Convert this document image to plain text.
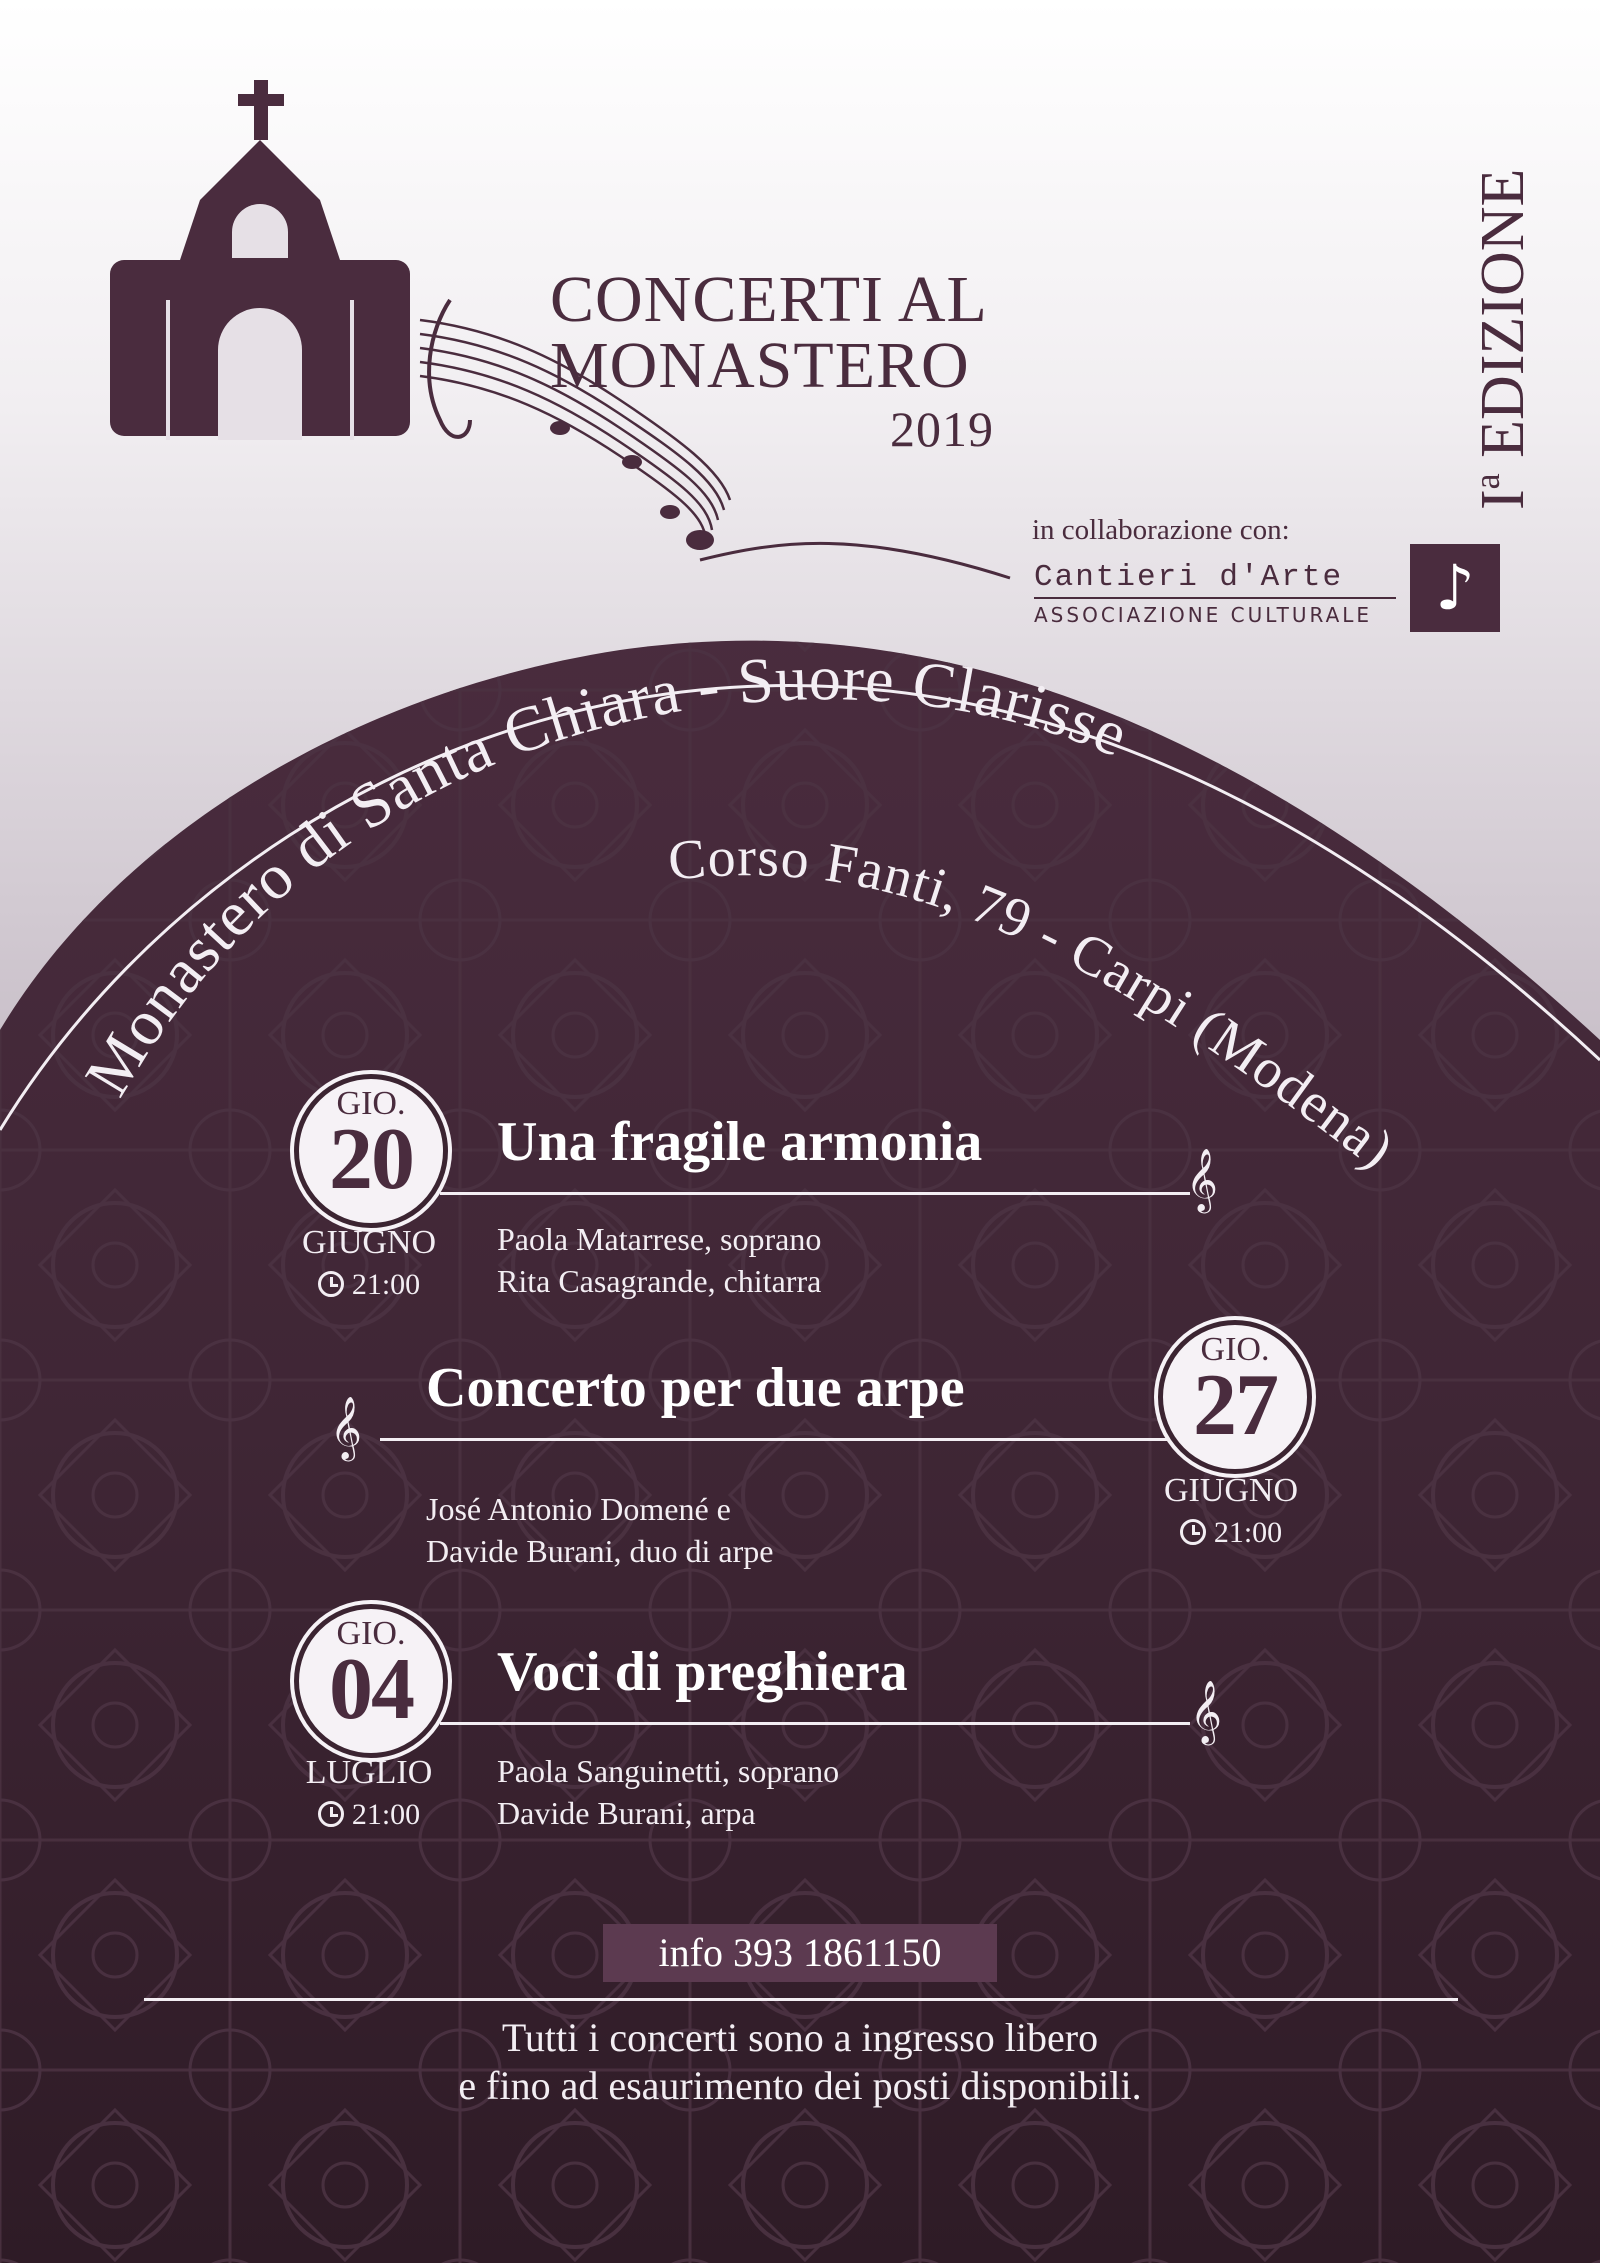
Monastero di Santa Chiara - Suore Clarisse
Corso Fanti, 79 - Carpi (Modena)
CONCERTI AL
MONASTERO
2019
$I^a$ EDIZIONE
in collaborazione con:
Cantieri d'Arte
ASSOCIAZIONE CULTURALE	♪
GIO.
20
GIUGNO
21:00
Una fragile armonia
𝄞
Paola Matarrese, soprano
Rita Casagrande, chitarra
GIO.
27
GIUGNO
21:00
Concerto per due arpe
𝄞
José Antonio Domené e
Davide Burani, duo di arpe
GIO.
04
LUGLIO
21:00
Voci di preghiera
𝄞
Paola Sanguinetti, soprano
Davide Burani, arpa
info 393 1861150
Tutti i concerti sono a ingresso libero
e fino ad esaurimento dei posti disponibili.
